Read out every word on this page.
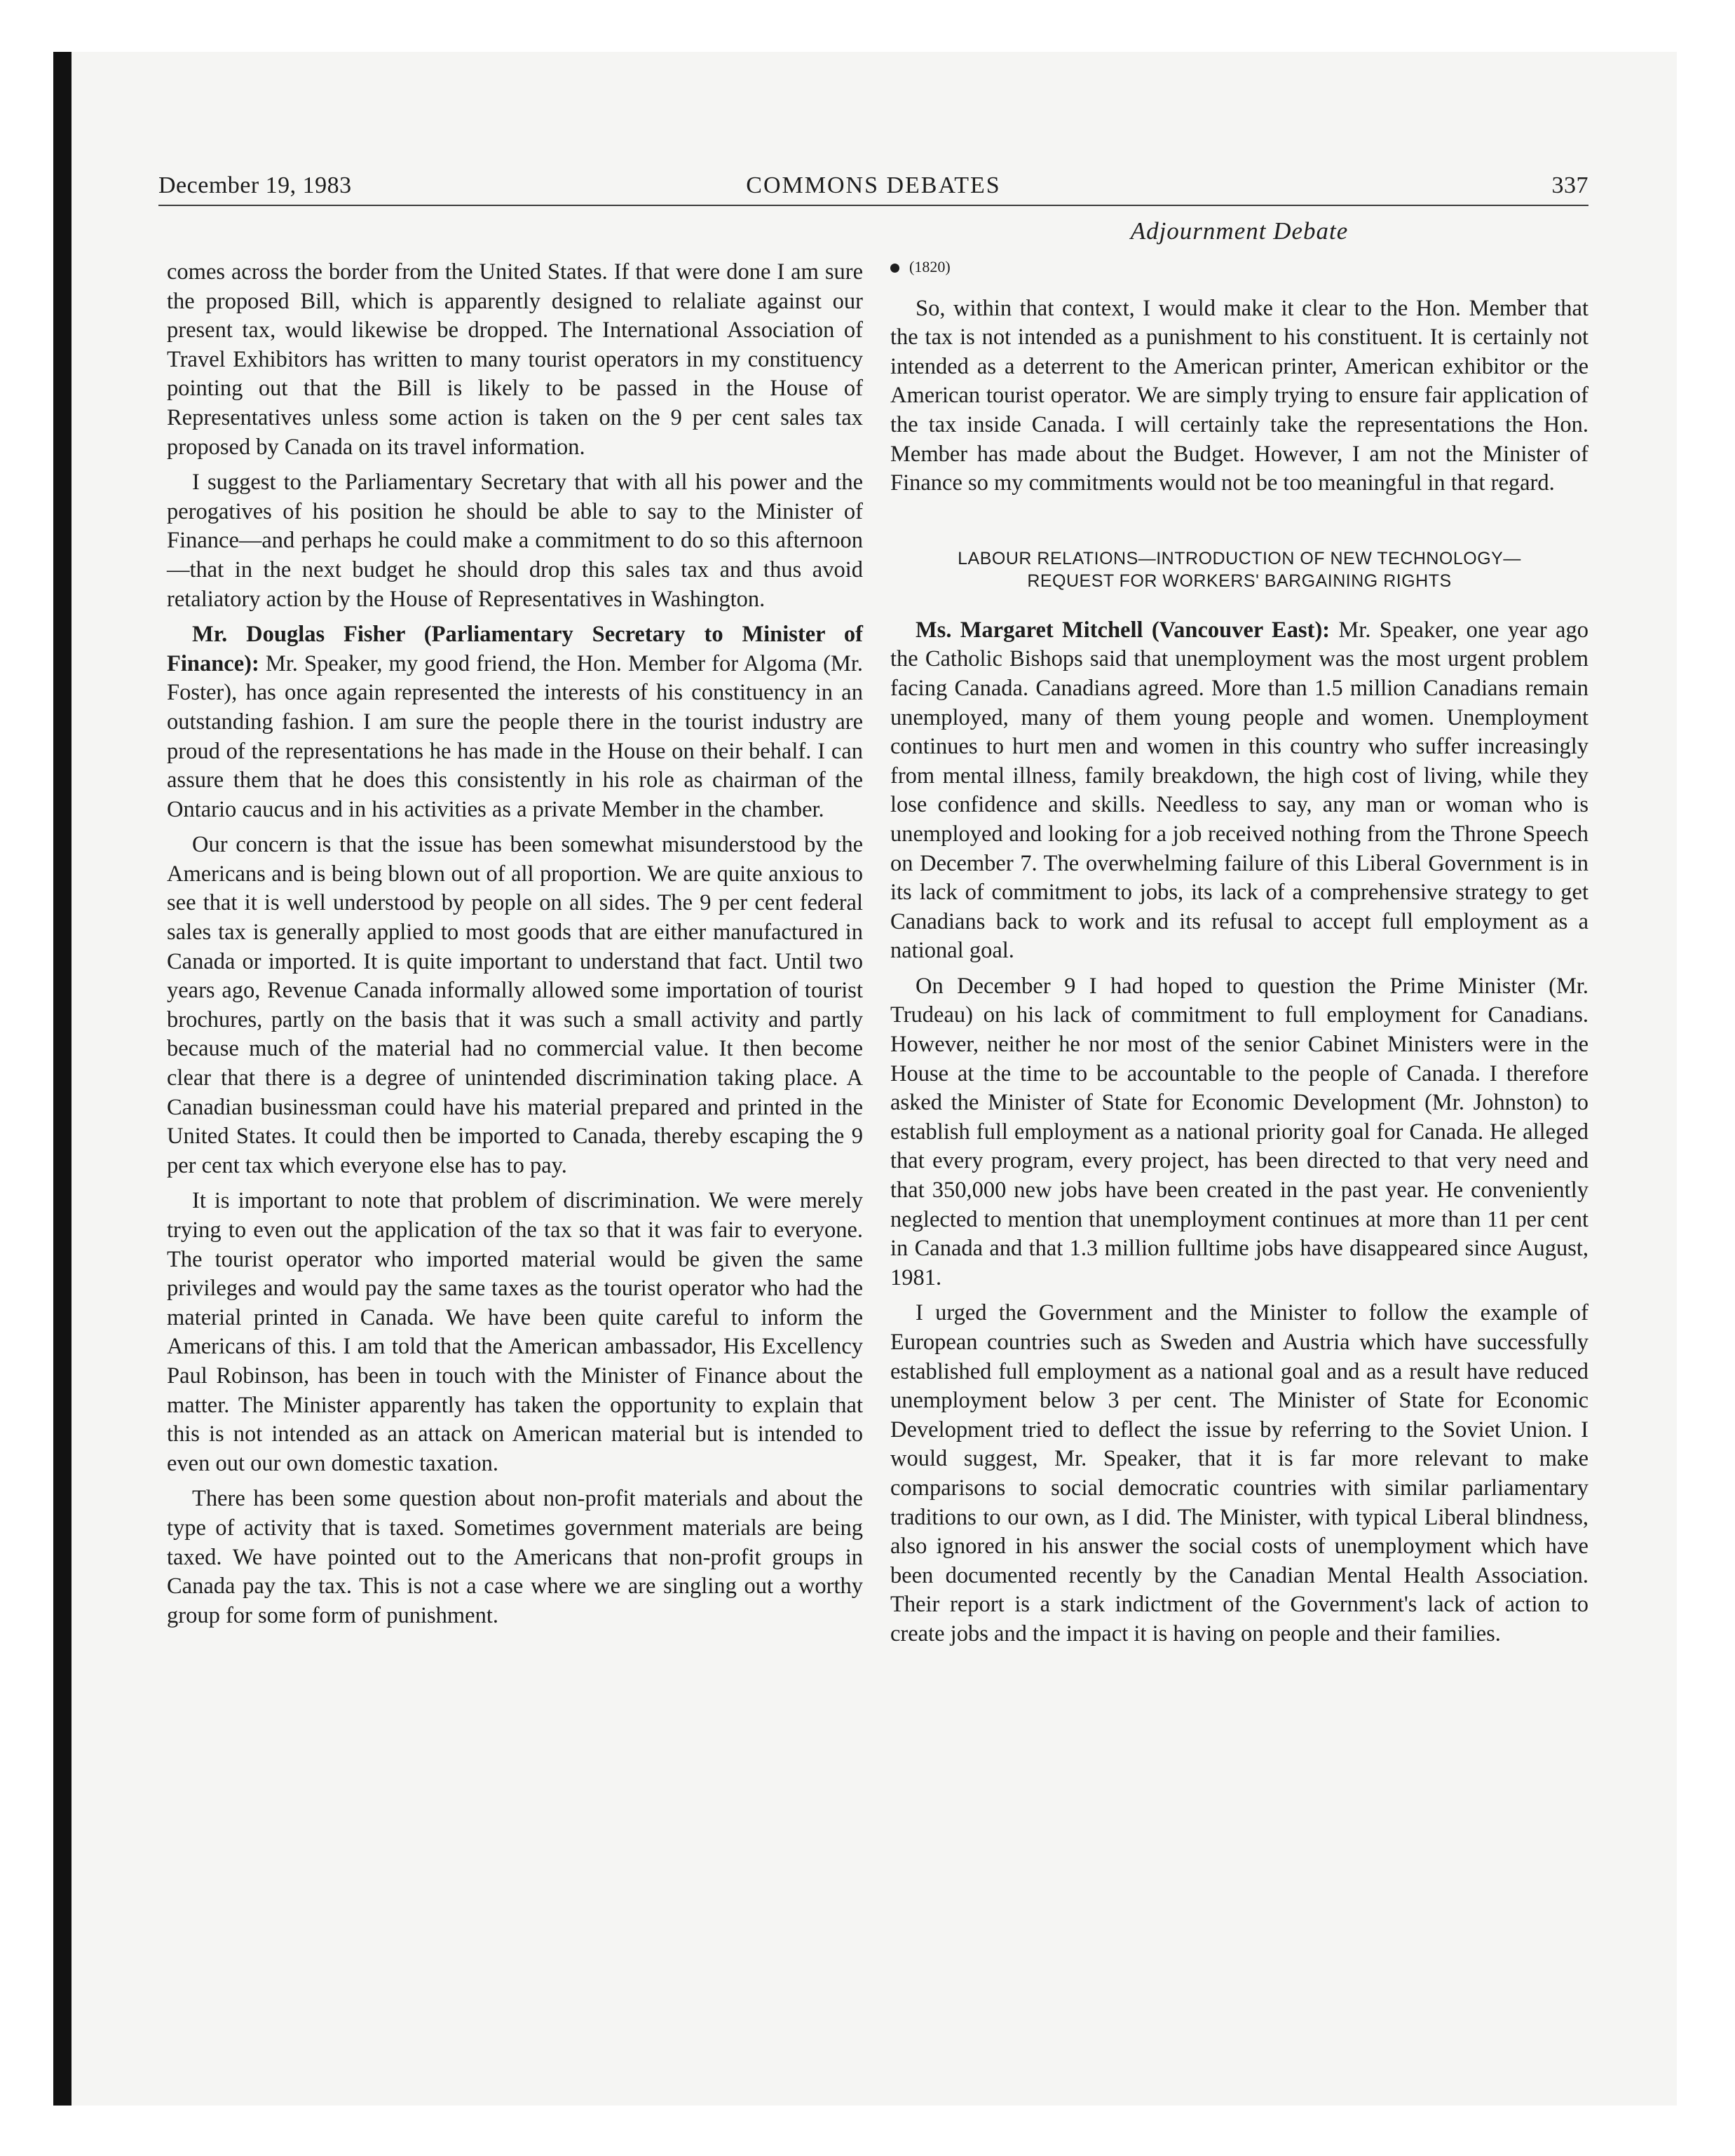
December 19, 1983	COMMONS DEBATES	337
Adjournment Debate

comes across the border from the United States. If that were done I am sure the proposed Bill, which is apparently designed to relaliate against our present tax, would likewise be dropped. The International Association of Travel Exhibitors has written to many tourist operators in my constituency pointing out that the Bill is likely to be passed in the House of Representatives unless some action is taken on the 9 per cent sales tax proposed by Canada on its travel information.

I suggest to the Parliamentary Secretary that with all his power and the perogatives of his position he should be able to say to the Minister of Finance—and perhaps he could make a commitment to do so this afternoon—that in the next budget he should drop this sales tax and thus avoid retaliatory action by the House of Representatives in Washington.

Mr. Douglas Fisher (Parliamentary Secretary to Minister of Finance): Mr. Speaker, my good friend, the Hon. Member for Algoma (Mr. Foster), has once again represented the interests of his constituency in an outstanding fashion. I am sure the people there in the tourist industry are proud of the representations he has made in the House on their behalf. I can assure them that he does this consistently in his role as chairman of the Ontario caucus and in his activities as a private Member in the chamber.

Our concern is that the issue has been somewhat misunderstood by the Americans and is being blown out of all proportion. We are quite anxious to see that it is well understood by people on all sides. The 9 per cent federal sales tax is generally applied to most goods that are either manufactured in Canada or imported. It is quite important to understand that fact. Until two years ago, Revenue Canada informally allowed some importation of tourist brochures, partly on the basis that it was such a small activity and partly because much of the material had no commercial value. It then become clear that there is a degree of unintended discrimination taking place. A Canadian businessman could have his material prepared and printed in the United States. It could then be imported to Canada, thereby escaping the 9 per cent tax which everyone else has to pay.

It is important to note that problem of discrimination. We were merely trying to even out the application of the tax so that it was fair to everyone. The tourist operator who imported material would be given the same privileges and would pay the same taxes as the tourist operator who had the material printed in Canada. We have been quite careful to inform the Americans of this. I am told that the American ambassador, His Excellency Paul Robinson, has been in touch with the Minister of Finance about the matter. The Minister apparently has taken the opportunity to explain that this is not intended as an attack on American material but is intended to even out our own domestic taxation.

There has been some question about non-profit materials and about the type of activity that is taxed. Sometimes government materials are being taxed. We have pointed out to the Americans that non-profit groups in Canada pay the tax. This is not a case where we are singling out a worthy group for some form of punishment.

(1820)

So, within that context, I would make it clear to the Hon. Member that the tax is not intended as a punishment to his constituent. It is certainly not intended as a deterrent to the American printer, American exhibitor or the American tourist operator. We are simply trying to ensure fair application of the tax inside Canada. I will certainly take the representations the Hon. Member has made about the Budget. However, I am not the Minister of Finance so my commitments would not be too meaningful in that regard.

LABOUR RELATIONS—INTRODUCTION OF NEW TECHNOLOGY—
REQUEST FOR WORKERS' BARGAINING RIGHTS

Ms. Margaret Mitchell (Vancouver East): Mr. Speaker, one year ago the Catholic Bishops said that unemployment was the most urgent problem facing Canada. Canadians agreed. More than 1.5 million Canadians remain unemployed, many of them young people and women. Unemployment continues to hurt men and women in this country who suffer increasingly from mental illness, family breakdown, the high cost of living, while they lose confidence and skills. Needless to say, any man or woman who is unemployed and looking for a job received nothing from the Throne Speech on December 7. The overwhelming failure of this Liberal Government is in its lack of commitment to jobs, its lack of a comprehensive strategy to get Canadians back to work and its refusal to accept full employment as a national goal.

On December 9 I had hoped to question the Prime Minister (Mr. Trudeau) on his lack of commitment to full employment for Canadians. However, neither he nor most of the senior Cabinet Ministers were in the House at the time to be accountable to the people of Canada. I therefore asked the Minister of State for Economic Development (Mr. Johnston) to establish full employment as a national priority goal for Canada. He alleged that every program, every project, has been directed to that very need and that 350,000 new jobs have been created in the past year. He conveniently neglected to mention that unemployment continues at more than 11 per cent in Canada and that 1.3 million fulltime jobs have disappeared since August, 1981.

I urged the Government and the Minister to follow the example of European countries such as Sweden and Austria which have successfully established full employment as a national goal and as a result have reduced unemployment below 3 per cent. The Minister of State for Economic Development tried to deflect the issue by referring to the Soviet Union. I would suggest, Mr. Speaker, that it is far more relevant to make comparisons to social democratic countries with similar parliamentary traditions to our own, as I did. The Minister, with typical Liberal blindness, also ignored in his answer the social costs of unemployment which have been documented recently by the Canadian Mental Health Association. Their report is a stark indictment of the Government's lack of action to create jobs and the impact it is having on people and their families.
